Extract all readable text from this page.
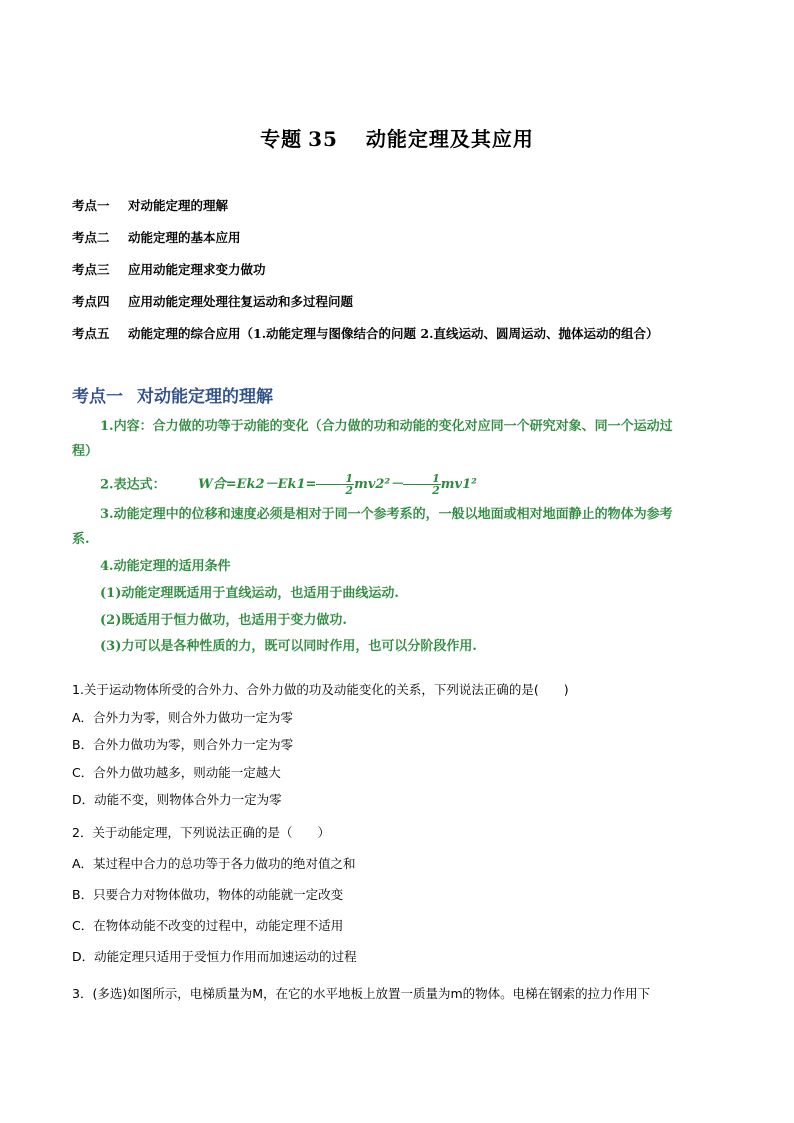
专题 35 动能定理及其应用
考点一 对动能定理的理解
考点二 动能定理的基本应用
考点三 应用动能定理求变力做功
考点四 应用动能定理处理往复运动和多过程问题
考点五 动能定理的综合应用（1.动能定理与图像结合的问题 2.直线运动、圆周运动、抛体运动的组合）
考点一 对动能定理的理解
1.内容：合力做的功等于动能的变化（合力做的功和动能的变化对应同一个研究对象、同一个运动过
程）
2.表达式：	W合$=Ek2-Ek1= \frac{1}{2} mv2^2- \frac{1}{2} mv1^2$
3.动能定理中的位移和速度必须是相对于同一个参考系的，一般以地面或相对地面静止的物体为参考
系.
4.动能定理的适用条件
(1)动能定理既适用于直线运动，也适用于曲线运动.
(2)既适用于恒力做功，也适用于变力做功.
(3)力可以是各种性质的力，既可以同时作用，也可以分阶段作用.
1.关于运动物体所受的合外力、合外力做的功及动能变化的关系，下列说法正确的是(　　)
A．合外力为零，则合外力做功一定为零
B．合外力做功为零，则合外力一定为零
C．合外力做功越多，则动能一定越大
D．动能不变，则物体合外力一定为零
2．关于动能定理，下列说法正确的是（　　）
A．某过程中合力的总功等于各力做功的绝对值之和
B．只要合力对物体做功，物体的动能就一定改变
C．在物体动能不改变的过程中，动能定理不适用
D．动能定理只适用于受恒力作用而加速运动的过程
3．(多选)如图所示，电梯质量为M，在它的水平地板上放置一质量为m的物体。电梯在钢索的拉力作用下
